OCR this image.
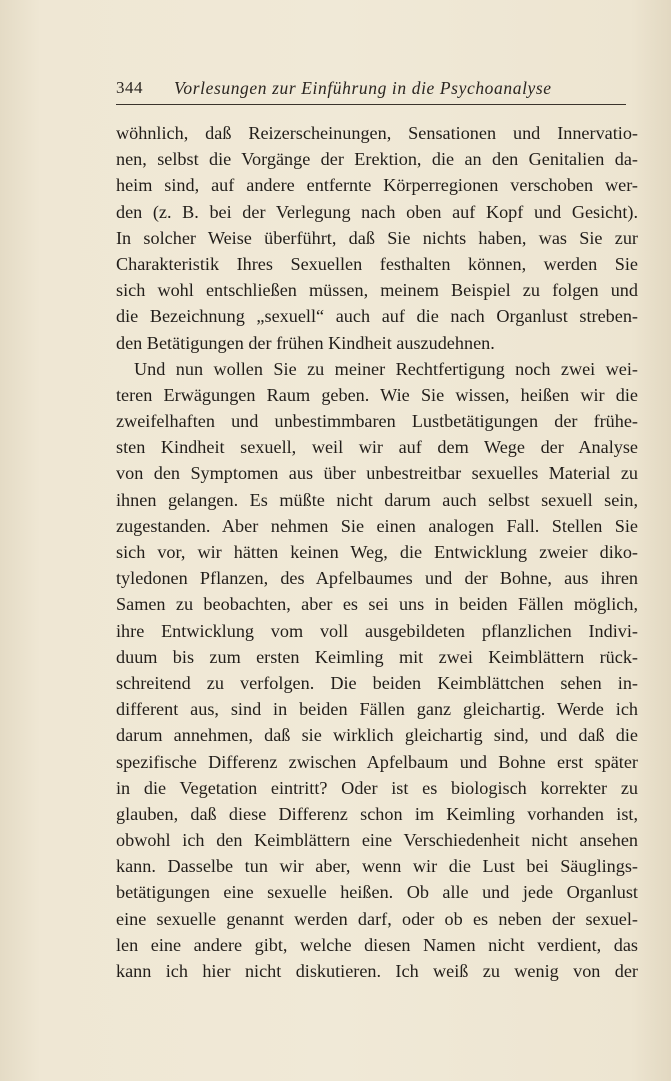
344 Vorlesungen zur Einführung in die Psychoanalyse
wöhnlich, daß Reizerscheinungen, Sensationen und Innervatio-
nen, selbst die Vorgänge der Erektion, die an den Genitalien da-
heim sind, auf andere entfernte Körperregionen verschoben wer-
den (z. B. bei der Verlegung nach oben auf Kopf und Gesicht).
In solcher Weise überführt, daß Sie nichts haben, was Sie zur
Charakteristik Ihres Sexuellen festhalten können, werden Sie
sich wohl entschließen müssen, meinem Beispiel zu folgen und
die Bezeichnung „sexuell“ auch auf die nach Organlust streben-
den Betätigungen der frühen Kindheit auszudehnen.
Und nun wollen Sie zu meiner Rechtfertigung noch zwei wei-
teren Erwägungen Raum geben. Wie Sie wissen, heißen wir die
zweifelhaften und unbestimmbaren Lustbetätigungen der frühe-
sten Kindheit sexuell, weil wir auf dem Wege der Analyse
von den Symptomen aus über unbestreitbar sexuelles Material zu
ihnen gelangen. Es müßte nicht darum auch selbst sexuell sein,
zugestanden. Aber nehmen Sie einen analogen Fall. Stellen Sie
sich vor, wir hätten keinen Weg, die Entwicklung zweier diko-
tyledonen Pflanzen, des Apfelbaumes und der Bohne, aus ihren
Samen zu beobachten, aber es sei uns in beiden Fällen möglich,
ihre Entwicklung vom voll ausgebildeten pflanzlichen Indivi-
duum bis zum ersten Keimling mit zwei Keimblättern rück-
schreitend zu verfolgen. Die beiden Keimblättchen sehen in-
different aus, sind in beiden Fällen ganz gleichartig. Werde ich
darum annehmen, daß sie wirklich gleichartig sind, und daß die
spezifische Differenz zwischen Apfelbaum und Bohne erst später
in die Vegetation eintritt? Oder ist es biologisch korrekter zu
glauben, daß diese Differenz schon im Keimling vorhanden ist,
obwohl ich den Keimblättern eine Verschiedenheit nicht ansehen
kann. Dasselbe tun wir aber, wenn wir die Lust bei Säuglings-
betätigungen eine sexuelle heißen. Ob alle und jede Organlust
eine sexuelle genannt werden darf, oder ob es neben der sexuel-
len eine andere gibt, welche diesen Namen nicht verdient, das
kann ich hier nicht diskutieren. Ich weiß zu wenig von der
